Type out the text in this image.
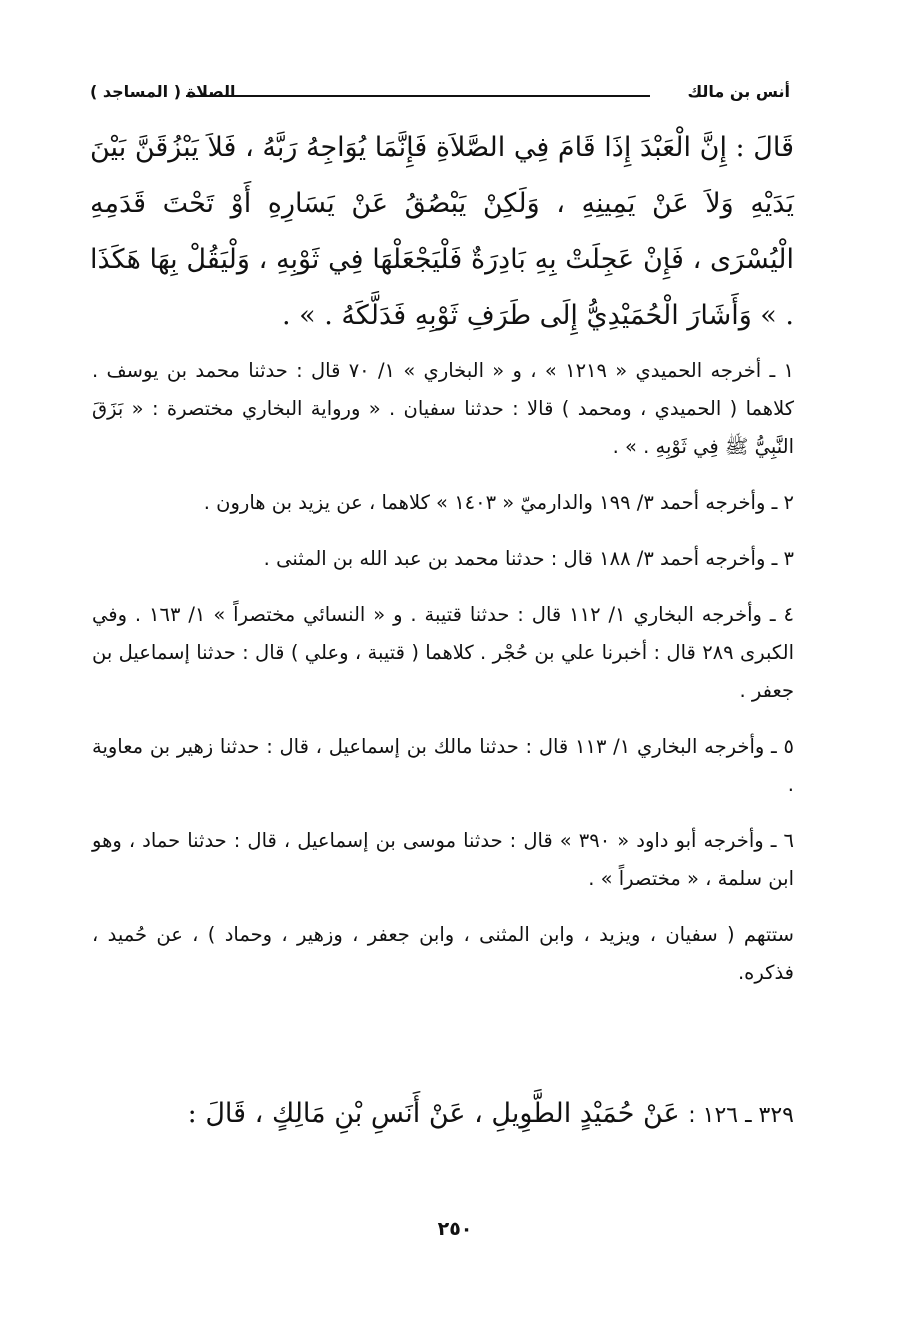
أنس بن مالك
الصلاة ( المساجد )
قَالَ : إِنَّ الْعَبْدَ إِذَا قَامَ فِي الصَّلاَةِ فَإِنَّمَا يُوَاجِهُ رَبَّهُ ، فَلاَ يَبْزُقَنَّ بَيْنَ يَدَيْهِ وَلاَ عَنْ يَمِينِهِ ، وَلَكِنْ يَبْصُقُ عَنْ يَسَارِهِ أَوْ تَحْتَ قَدَمِهِ الْيُسْرَى ، فَإِنْ عَجِلَتْ بِهِ بَادِرَةٌ فَلْيَجْعَلْهَا فِي ثَوْبِهِ ، وَلْيَقُلْ بِهَا هَكَذَا . » وَأَشَارَ الْحُمَيْدِيُّ إِلَى طَرَفِ ثَوْبِهِ فَدَلَّكَهُ . » .

١ ـ أخرجه الحميدي « ١٢١٩ » ، و « البخاري » ١/ ٧٠ قال : حدثنا محمد بن يوسف . كلاهما ( الحميدي ، ومحمد ) قالا : حدثنا سفيان . « ورواية البخاري مختصرة : « بَزَقَ النَّبِيُّ ﷺ فِي ثَوْبِهِ . » .

٢ ـ وأخرجه أحمد ٣/ ١٩٩ والدارميّ « ١٤٠٣ » كلاهما ، عن يزيد بن هارون .

٣ ـ وأخرجه أحمد ٣/ ١٨٨ قال : حدثنا محمد بن عبد الله بن المثنى .

٤ ـ وأخرجه البخاري ١/ ١١٢ قال : حدثنا قتيبة . و « النسائي مختصراً » ١/ ١٦٣ . وفي الكبرى ٢٨٩ قال : أخبرنا علي بن حُجْر . كلاهما ( قتيبة ، وعلي ) قال : حدثنا إسماعيل بن جعفر .

٥ ـ وأخرجه البخاري ١/ ١١٣ قال : حدثنا مالك بن إسماعيل ، قال : حدثنا زهير بن معاوية .

٦ ـ وأخرجه أبو داود « ٣٩٠ » قال : حدثنا موسى بن إسماعيل ، قال : حدثنا حماد ، وهو ابن سلمة ، « مختصراً » .

ستتهم ( سفيان ، ويزيد ، وابن المثنى ، وابن جعفر ، وزهير ، وحماد ) ، عن حُميد ، فذكره.

٣٢٩ ـ ١٢٦ : عَنْ حُمَيْدٍ الطَّوِيلِ ، عَنْ أَنَسِ بْنِ مَالِكٍ ، قَالَ :
٢٥٠
